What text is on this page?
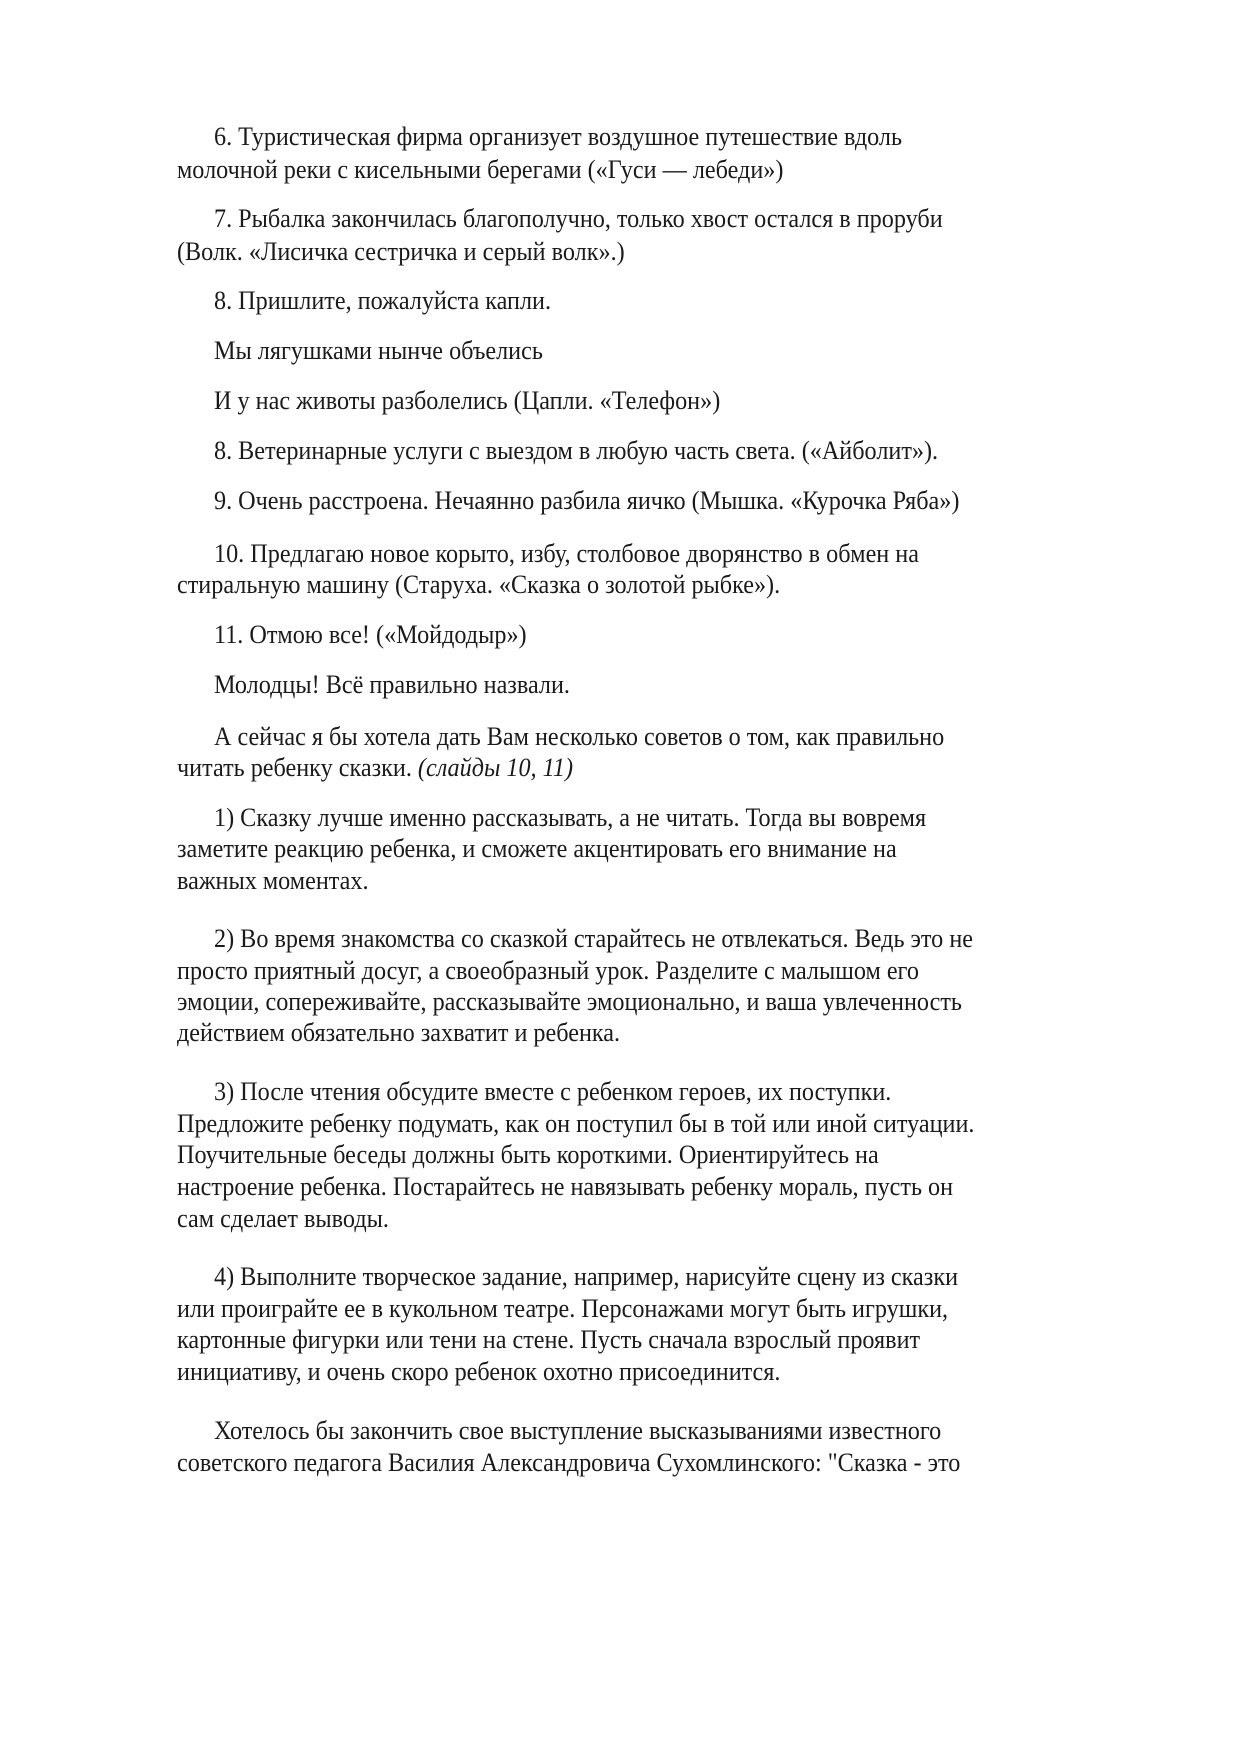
6. Туристическая фирма организует воздушное путешествие вдоль
молочной реки с кисельными берегами («Гуси — лебеди»)
7. Рыбалка закончилась благополучно, только хвост остался в проруби
(Волк. «Лисичка сестричка и серый волк».)
8. Пришлите, пожалуйста капли.
Мы лягушками нынче объелись
И у нас животы разболелись (Цапли. «Телефон»)
8. Ветеринарные услуги с выездом в любую часть света. («Айболит»).
9. Очень расстроена. Нечаянно разбила яичко (Мышка. «Курочка Ряба»)
10. Предлагаю новое корыто, избу, столбовое дворянство в обмен на
стиральную машину (Старуха. «Сказка о золотой рыбке»).
11. Отмою все! («Мойдодыр»)
Молодцы! Всё правильно назвали.
А сейчас я бы хотела дать Вам несколько советов о том, как правильно
читать ребенку сказки. (слайды 10, 11)
1) Сказку лучше именно рассказывать, а не читать. Тогда вы вовремя
заметите реакцию ребенка, и сможете акцентировать его внимание на
важных моментах.
2) Во время знакомства со сказкой старайтесь не отвлекаться. Ведь это не
просто приятный досуг, а своеобразный урок. Разделите с малышом его
эмоции, сопереживайте, рассказывайте эмоционально, и ваша увлеченность
действием обязательно захватит и ребенка.
3) После чтения обсудите вместе с ребенком героев, их поступки.
Предложите ребенку подумать, как он поступил бы в той или иной ситуации.
Поучительные беседы должны быть короткими. Ориентируйтесь на
настроение ребенка. Постарайтесь не навязывать ребенку мораль, пусть он
сам сделает выводы.
4) Выполните творческое задание, например, нарисуйте сцену из сказки
или проиграйте ее в кукольном театре. Персонажами могут быть игрушки,
картонные фигурки или тени на стене. Пусть сначала взрослый проявит
инициативу, и очень скоро ребенок охотно присоединится.
Хотелось бы закончить свое выступление высказываниями известного
советского педагога Василия Александровича Сухомлинского: "Сказка - это
